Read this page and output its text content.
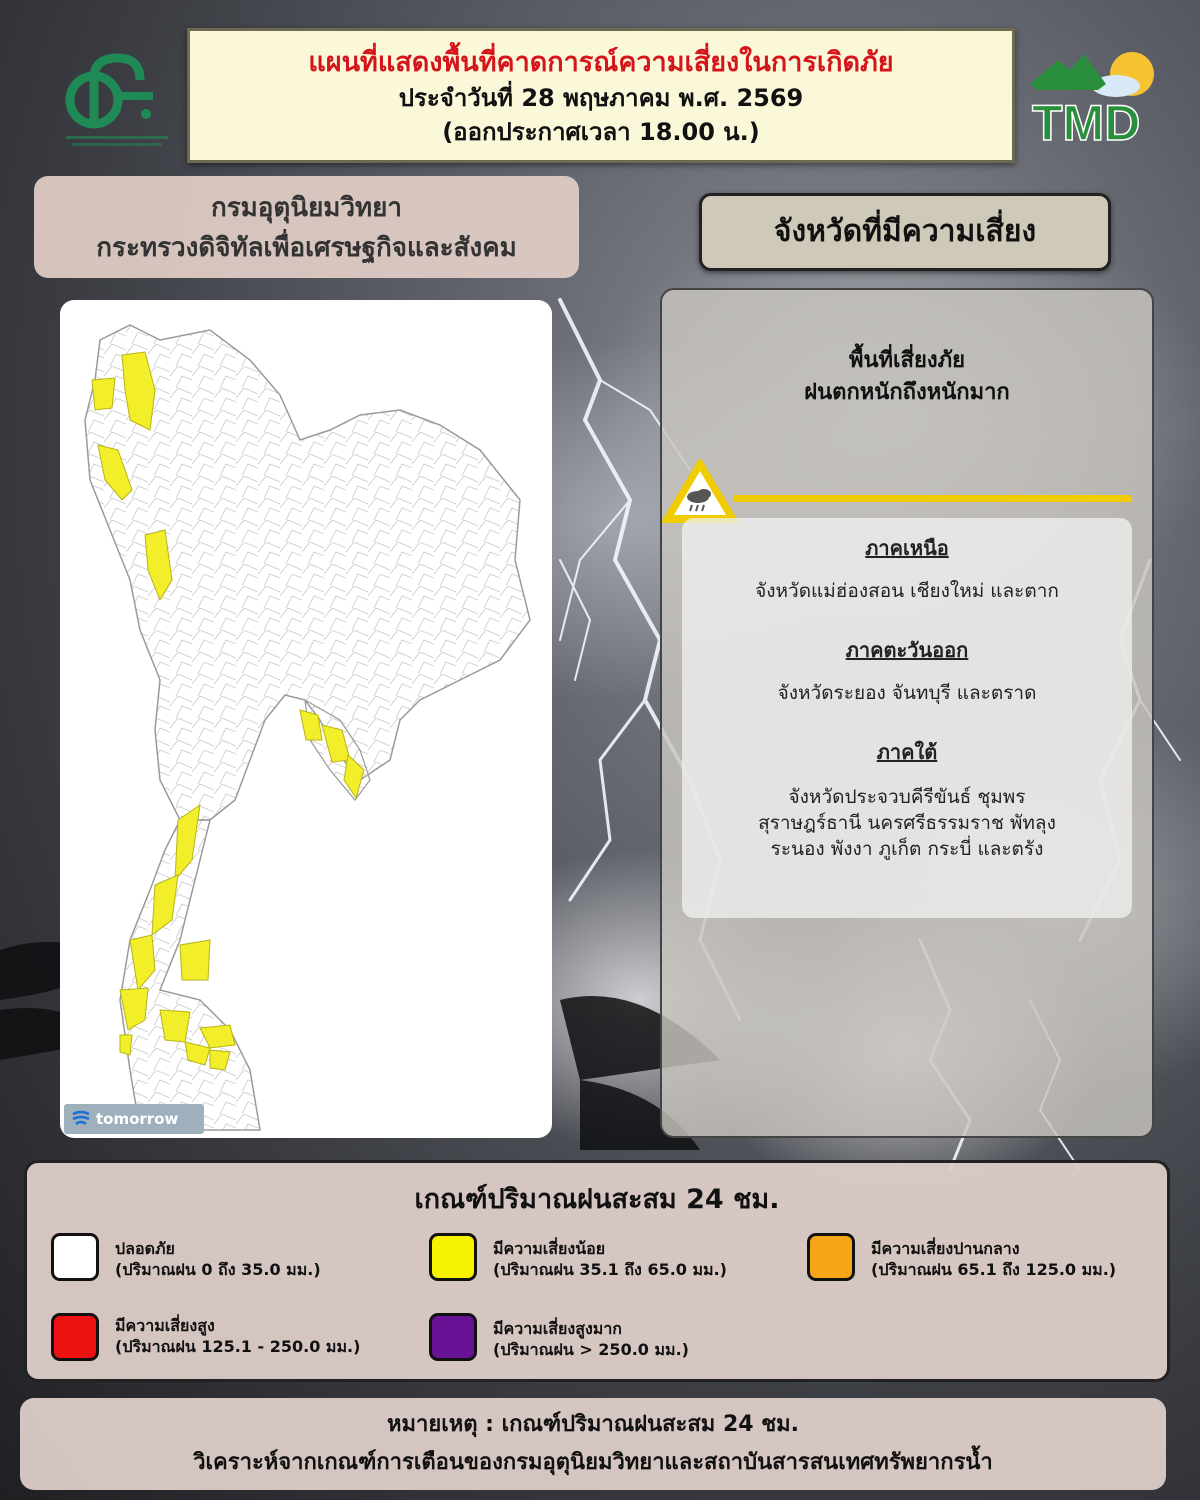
แผนที่แสดงพื้นที่คาดการณ์ความเสี่ยงในการเกิดภัย
ประจำวันที่ 28 พฤษภาคม พ.ศ. 2569
(ออกประกาศเวลา 18.00 น.)	TMD
กรมอุตุนิยมวิทยา
กระทรวงดิจิทัลเพื่อเศรษฐกิจและสังคม	จังหวัดที่มีความเสี่ยง
tomorrow
พื้นที่เสี่ยงภัย
ฝนตกหนักถึงหนักมาก
ภาคเหนือ
จังหวัดแม่ฮ่องสอน เชียงใหม่ และตาก
ภาคตะวันออก
จังหวัดระยอง จันทบุรี และตราด
ภาคใต้
จังหวัดประจวบคีรีขันธ์ ชุมพร
สุราษฎร์ธานี นครศรีธรรมราช พัทลุง
ระนอง พังงา ภูเก็ต กระบี่ และตรัง
เกณฑ์ปริมาณฝนสะสม 24 ชม.
ปลอดภัย
(ปริมาณฝน 0 ถึง 35.0 มม.)
มีความเสี่ยงน้อย
(ปริมาณฝน 35.1 ถึง 65.0 มม.)
มีความเสี่ยงปานกลาง
(ปริมาณฝน 65.1 ถึง 125.0 มม.)
มีความเสี่ยงสูง
(ปริมาณฝน 125.1 - 250.0 มม.)
มีความเสี่ยงสูงมาก
(ปริมาณฝน > 250.0 มม.)
หมายเหตุ : เกณฑ์ปริมาณฝนสะสม 24 ชม.
วิเคราะห์จากเกณฑ์การเตือนของกรมอุตุนิยมวิทยาและสถาบันสารสนเทศทรัพยากรน้ำ
